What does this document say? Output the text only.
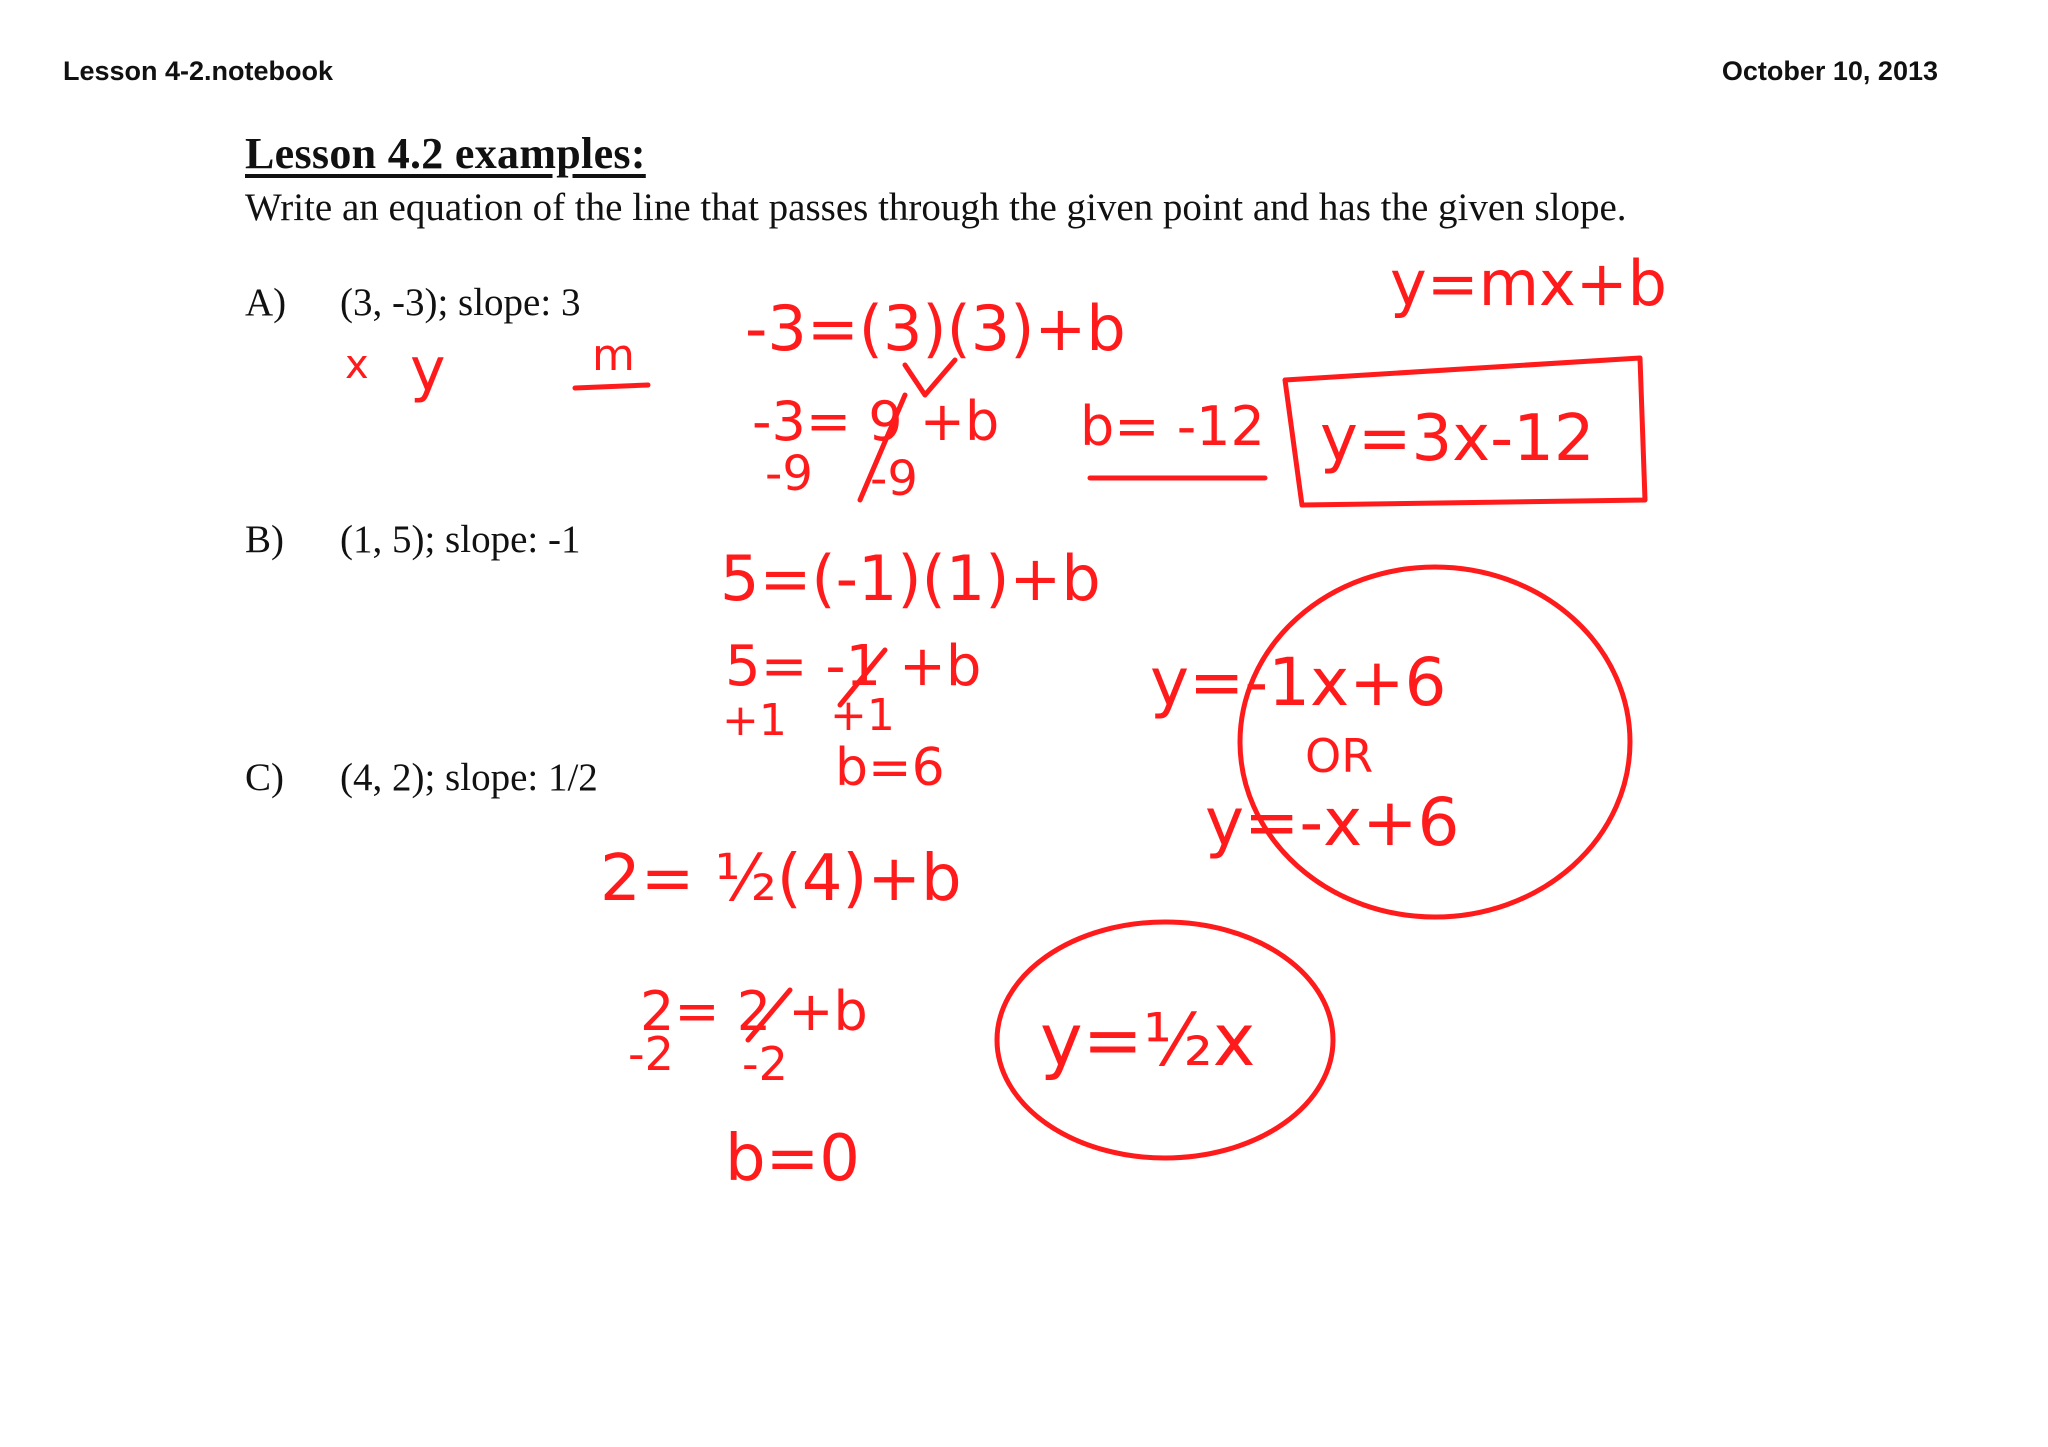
Lesson 4-2.notebook	October 10, 2013
Lesson 4.2 examples:
Write an equation of the line that passes through the given point and has the given slope.
A) (3, -3); slope: 3
B) (1, 5); slope: -1
C) (4, 2); slope: 1/2
y=mx+b
x y	m -3=(3)(3)+b
-3= 9 +b
-9 -9
b= -12 y=3x-12
5=(-1)(1)+b
5= -1 +b
+1 +1
b=6
y=-1x+6
OR
y=-x+6
2= ½(4)+b
2= 2 +b
-2 -2
b=0
y=½x
